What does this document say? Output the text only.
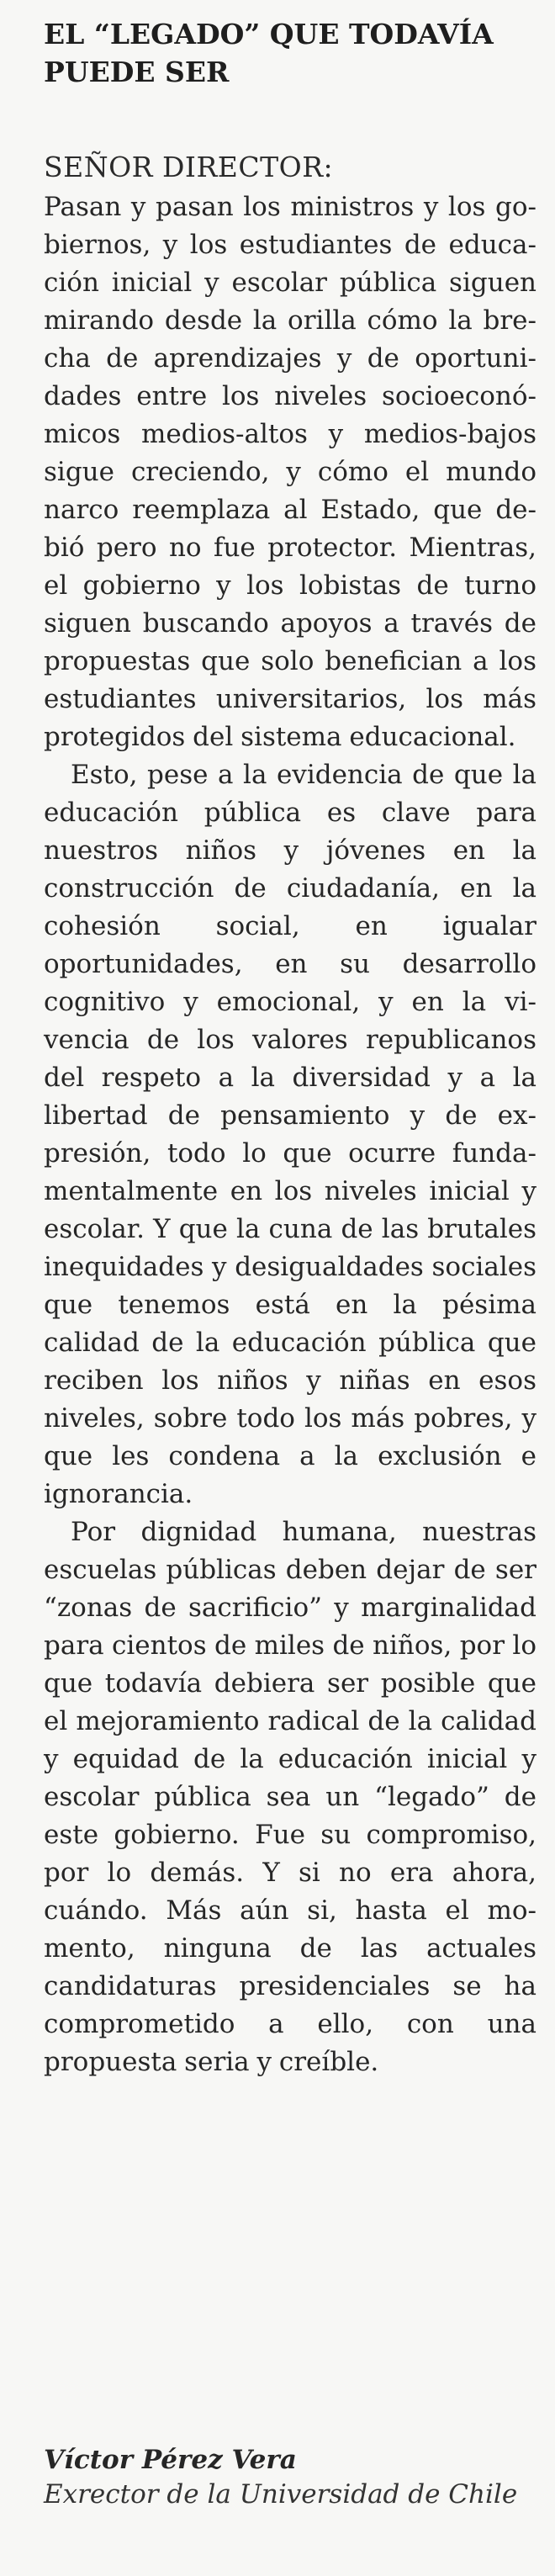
EL “LEGADO” QUE TODAVÍA PUEDE SER
SEÑOR DIRECTOR:

Pasan y pasan los ministros y los gobiernos, y los estudiantes de educación inicial y escolar pública siguen mirando desde la orilla cómo la brecha de aprendizajes y de oportunidades entre los niveles socioeconómicos medios-altos y medios-bajos sigue creciendo, y cómo el mundo narco reemplaza al Estado, que debió pero no fue protector. Mientras, el gobierno y los lobistas de turno siguen buscando apoyos a través de propuestas que solo benefician a los estudiantes universitarios, los más protegidos del sistema educacional.

Esto, pese a la evidencia de que la educación pública es clave para nuestros niños y jóvenes en la construcción de ciudadanía, en la cohesión social, en igualar oportunidades, en su desarrollo cognitivo y emocional, y en la vivencia de los valores republicanos del respeto a la diversidad y a la libertad de pensamiento y de expresión, todo lo que ocurre fundamentalmente en los niveles inicial y escolar. Y que la cuna de las brutales inequidades y desigualdades sociales que tenemos está en la pésima calidad de la educación pública que reciben los niños y niñas en esos niveles, sobre todo los más pobres, y que les condena a la exclusión e ignorancia.

Por dignidad humana, nuestras escuelas públicas deben dejar de ser “zonas de sacrificio” y marginalidad para cientos de miles de niños, por lo que todavía debiera ser posible que el mejoramiento radical de la calidad y equidad de la educación inicial y escolar pública sea un “legado” de este gobierno. Fue su compromiso, por lo demás. Y si no era ahora, cuándo. Más aún si, hasta el momento, ninguna de las actuales candidaturas presidenciales se ha comprometido a ello, con una propuesta seria y creíble.

Víctor Pérez Vera
Exrector de la Universidad de Chile
